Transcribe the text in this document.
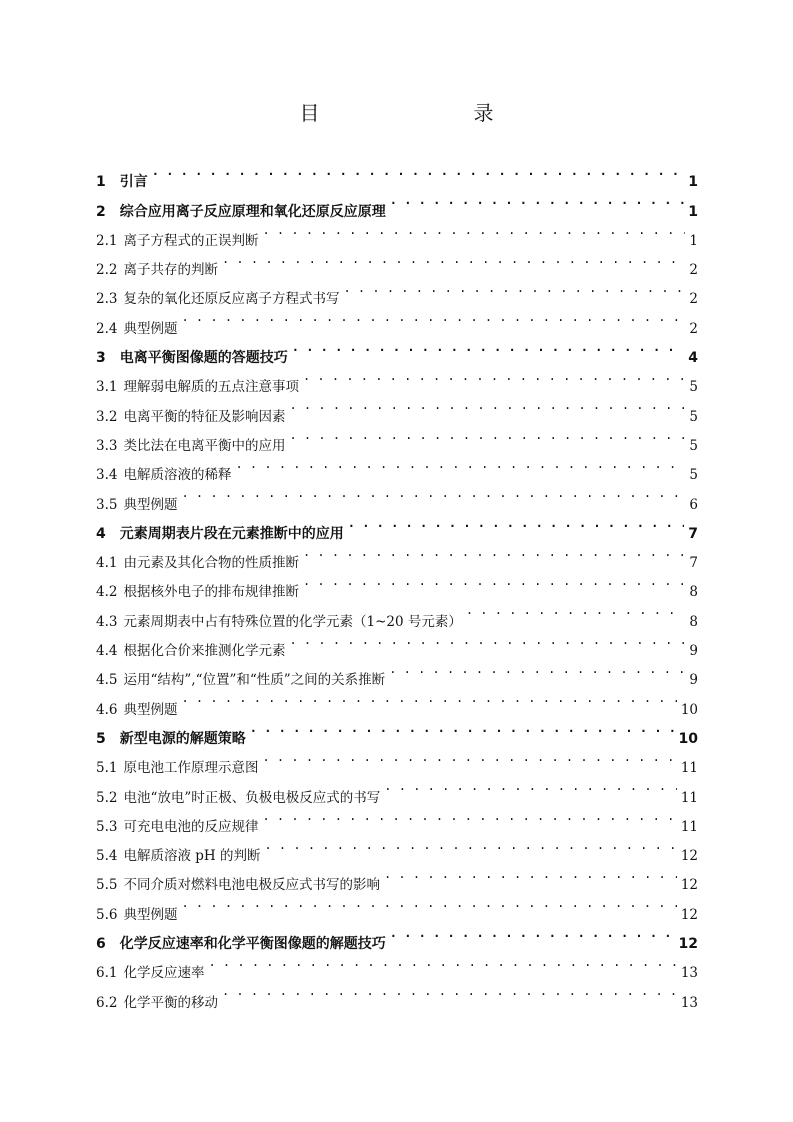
目　　录
1 引言 . . .	1
2 综合应用离子反应原理和氧化还原反应原理 . . .	1
2.1 离子方程式的正误判断 . . .	1
2.2 离子共存的判断 . . .	2
2.3 复杂的氧化还原反应离子方程式书写 . . .	2
2.4 典型例题 . . .	2
3 电离平衡图像题的答题技巧 . . .	4
3.1 理解弱电解质的五点注意事项 . . .	5
3.2 电离平衡的特征及影响因素 . . .	5
3.3 类比法在电离平衡中的应用 . . .	5
3.4 电解质溶液的稀释 . . .	5
3.5 典型例题 . . .	6
4 元素周期表片段在元素推断中的应用 . . .	7
4.1 由元素及其化合物的性质推断 . . .	7
4.2 根据核外电子的排布规律推断 . . .	8
4.3 元素周期表中占有特殊位置的化学元素（1~20 号元素） . . .	8
4.4 根据化合价来推测化学元素 . . .	9
4.5 运用“结构”,“位置”和“性质”之间的关系推断 . . .	9
4.6 典型例题 . . .	10
5 新型电源的解题策略 . . .	10
5.1 原电池工作原理示意图 . . .	11
5.2 电池“放电”时正极、负极电极反应式的书写 . . .	11
5.3 可充电电池的反应规律 . . .	11
5.4 电解质溶液 pH 的判断 . . .	12
5.5 不同介质对燃料电池电极反应式书写的影响 . . .	12
5.6 典型例题 . . .	12
6 化学反应速率和化学平衡图像题的解题技巧 . . .	12
6.1 化学反应速率 . . .	13
6.2 化学平衡的移动 . . .	13
